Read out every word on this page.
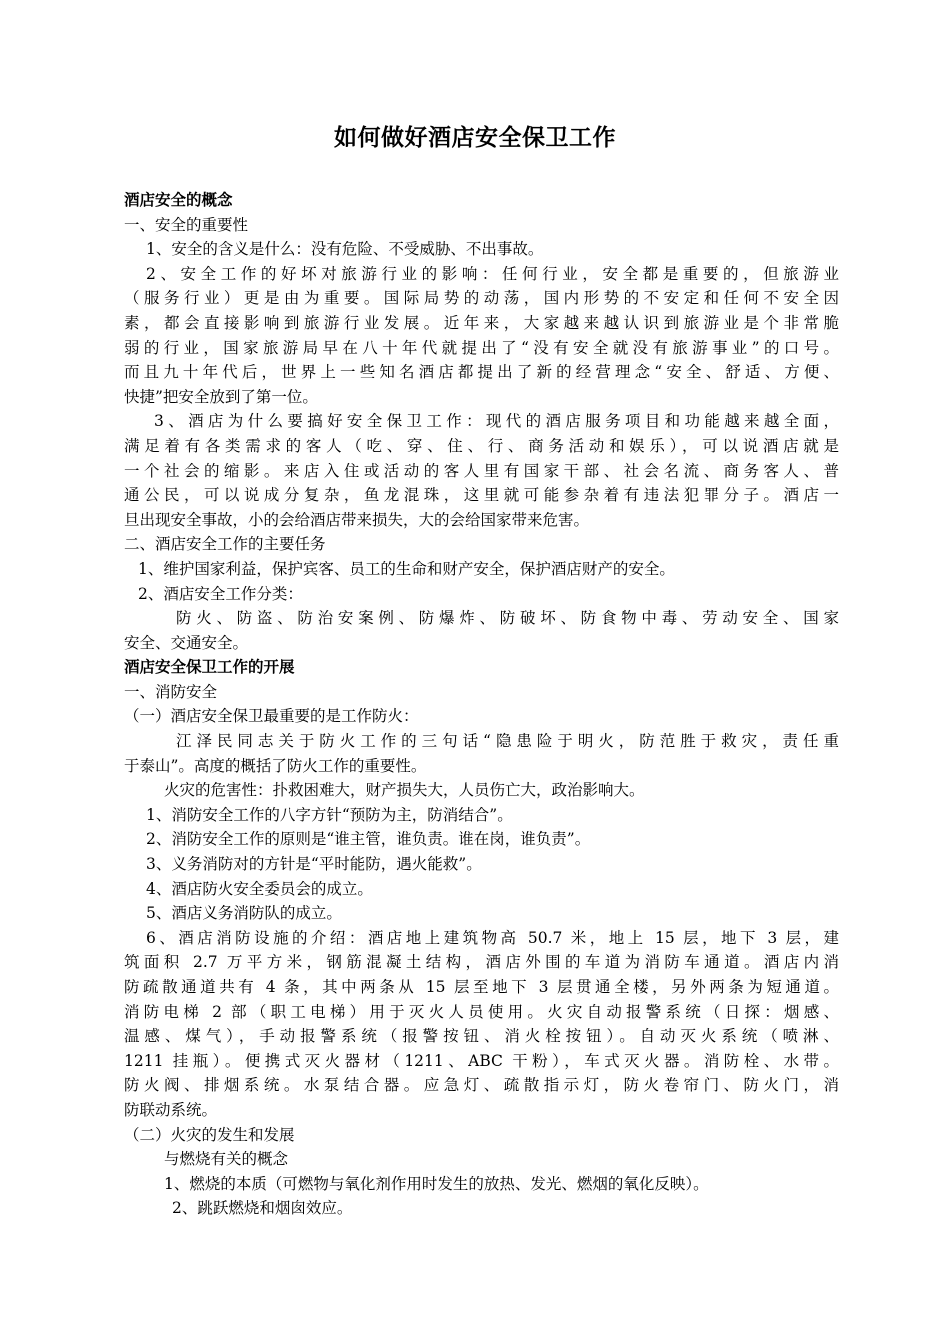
如何做好酒店安全保卫工作
酒店安全的概念
一、安全的重要性
1、安全的含义是什么：没有危险、不受威胁、不出事故。
2、安全工作的好坏对旅游行业的影响：任何行业，安全都是重要的，但旅游业
（服务行业）更是由为重要。国际局势的动荡，国内形势的不安定和任何不安全因
素，都会直接影响到旅游行业发展。近年来，大家越来越认识到旅游业是个非常脆
弱的行业，国家旅游局早在八十年代就提出了“没有安全就没有旅游事业”的口号。
而且九十年代后，世界上一些知名酒店都提出了新的经营理念“安全、舒适、方便、
快捷”把安全放到了第一位。
3、酒店为什么要搞好安全保卫工作：现代的酒店服务项目和功能越来越全面，
满足着有各类需求的客人（吃、穿、住、行、商务活动和娱乐），可以说酒店就是
一个社会的缩影。来店入住或活动的客人里有国家干部、社会名流、商务客人、普
通公民，可以说成分复杂，鱼龙混珠，这里就可能参杂着有违法犯罪分子。酒店一
旦出现安全事故，小的会给酒店带来损失，大的会给国家带来危害。
二、酒店安全工作的主要任务
1、维护国家利益，保护宾客、员工的生命和财产安全，保护酒店财产的安全。
2、酒店安全工作分类：
防火、防盗、防治安案例、防爆炸、防破坏、防食物中毒、劳动安全、国家
安全、交通安全。
酒店安全保卫工作的开展
一、消防安全
（一）酒店安全保卫最重要的是工作防火：
江泽民同志关于防火工作的三句话“隐患险于明火，防范胜于救灾，责任重
于泰山”。高度的概括了防火工作的重要性。
火灾的危害性：扑救困难大，财产损失大，人员伤亡大，政治影响大。
1、消防安全工作的八字方针“预防为主，防消结合”。
2、消防安全工作的原则是“谁主管，谁负责。谁在岗，谁负责”。
3、义务消防对的方针是“平时能防，遇火能救”。
4、酒店防火安全委员会的成立。
5、酒店义务消防队的成立。
6、酒店消防设施的介绍：酒店地上建筑物高 50.7 米，地上 15 层，地下 3 层，建
筑面积 2.7 万平方米，钢筋混凝土结构，酒店外围的车道为消防车通道。酒店内消
防疏散通道共有 4 条，其中两条从 15 层至地下 3 层贯通全楼，另外两条为短通道。
消防电梯 2 部（职工电梯）用于灭火人员使用。火灾自动报警系统（日探：烟感、
温感、煤气），手动报警系统（报警按钮、消火栓按钮）。自动灭火系统（喷淋、
1211 挂瓶）。便携式灭火器材（1211、ABC 干粉），车式灭火器。消防栓、水带。
防火阀、排烟系统。水泵结合器。应急灯、疏散指示灯，防火卷帘门、防火门，消
防联动系统。
（二）火灾的发生和发展
与燃烧有关的概念
1、燃烧的本质（可燃物与氧化剂作用时发生的放热、发光、燃烟的氧化反映）。
2、跳跃燃烧和烟囱效应。
